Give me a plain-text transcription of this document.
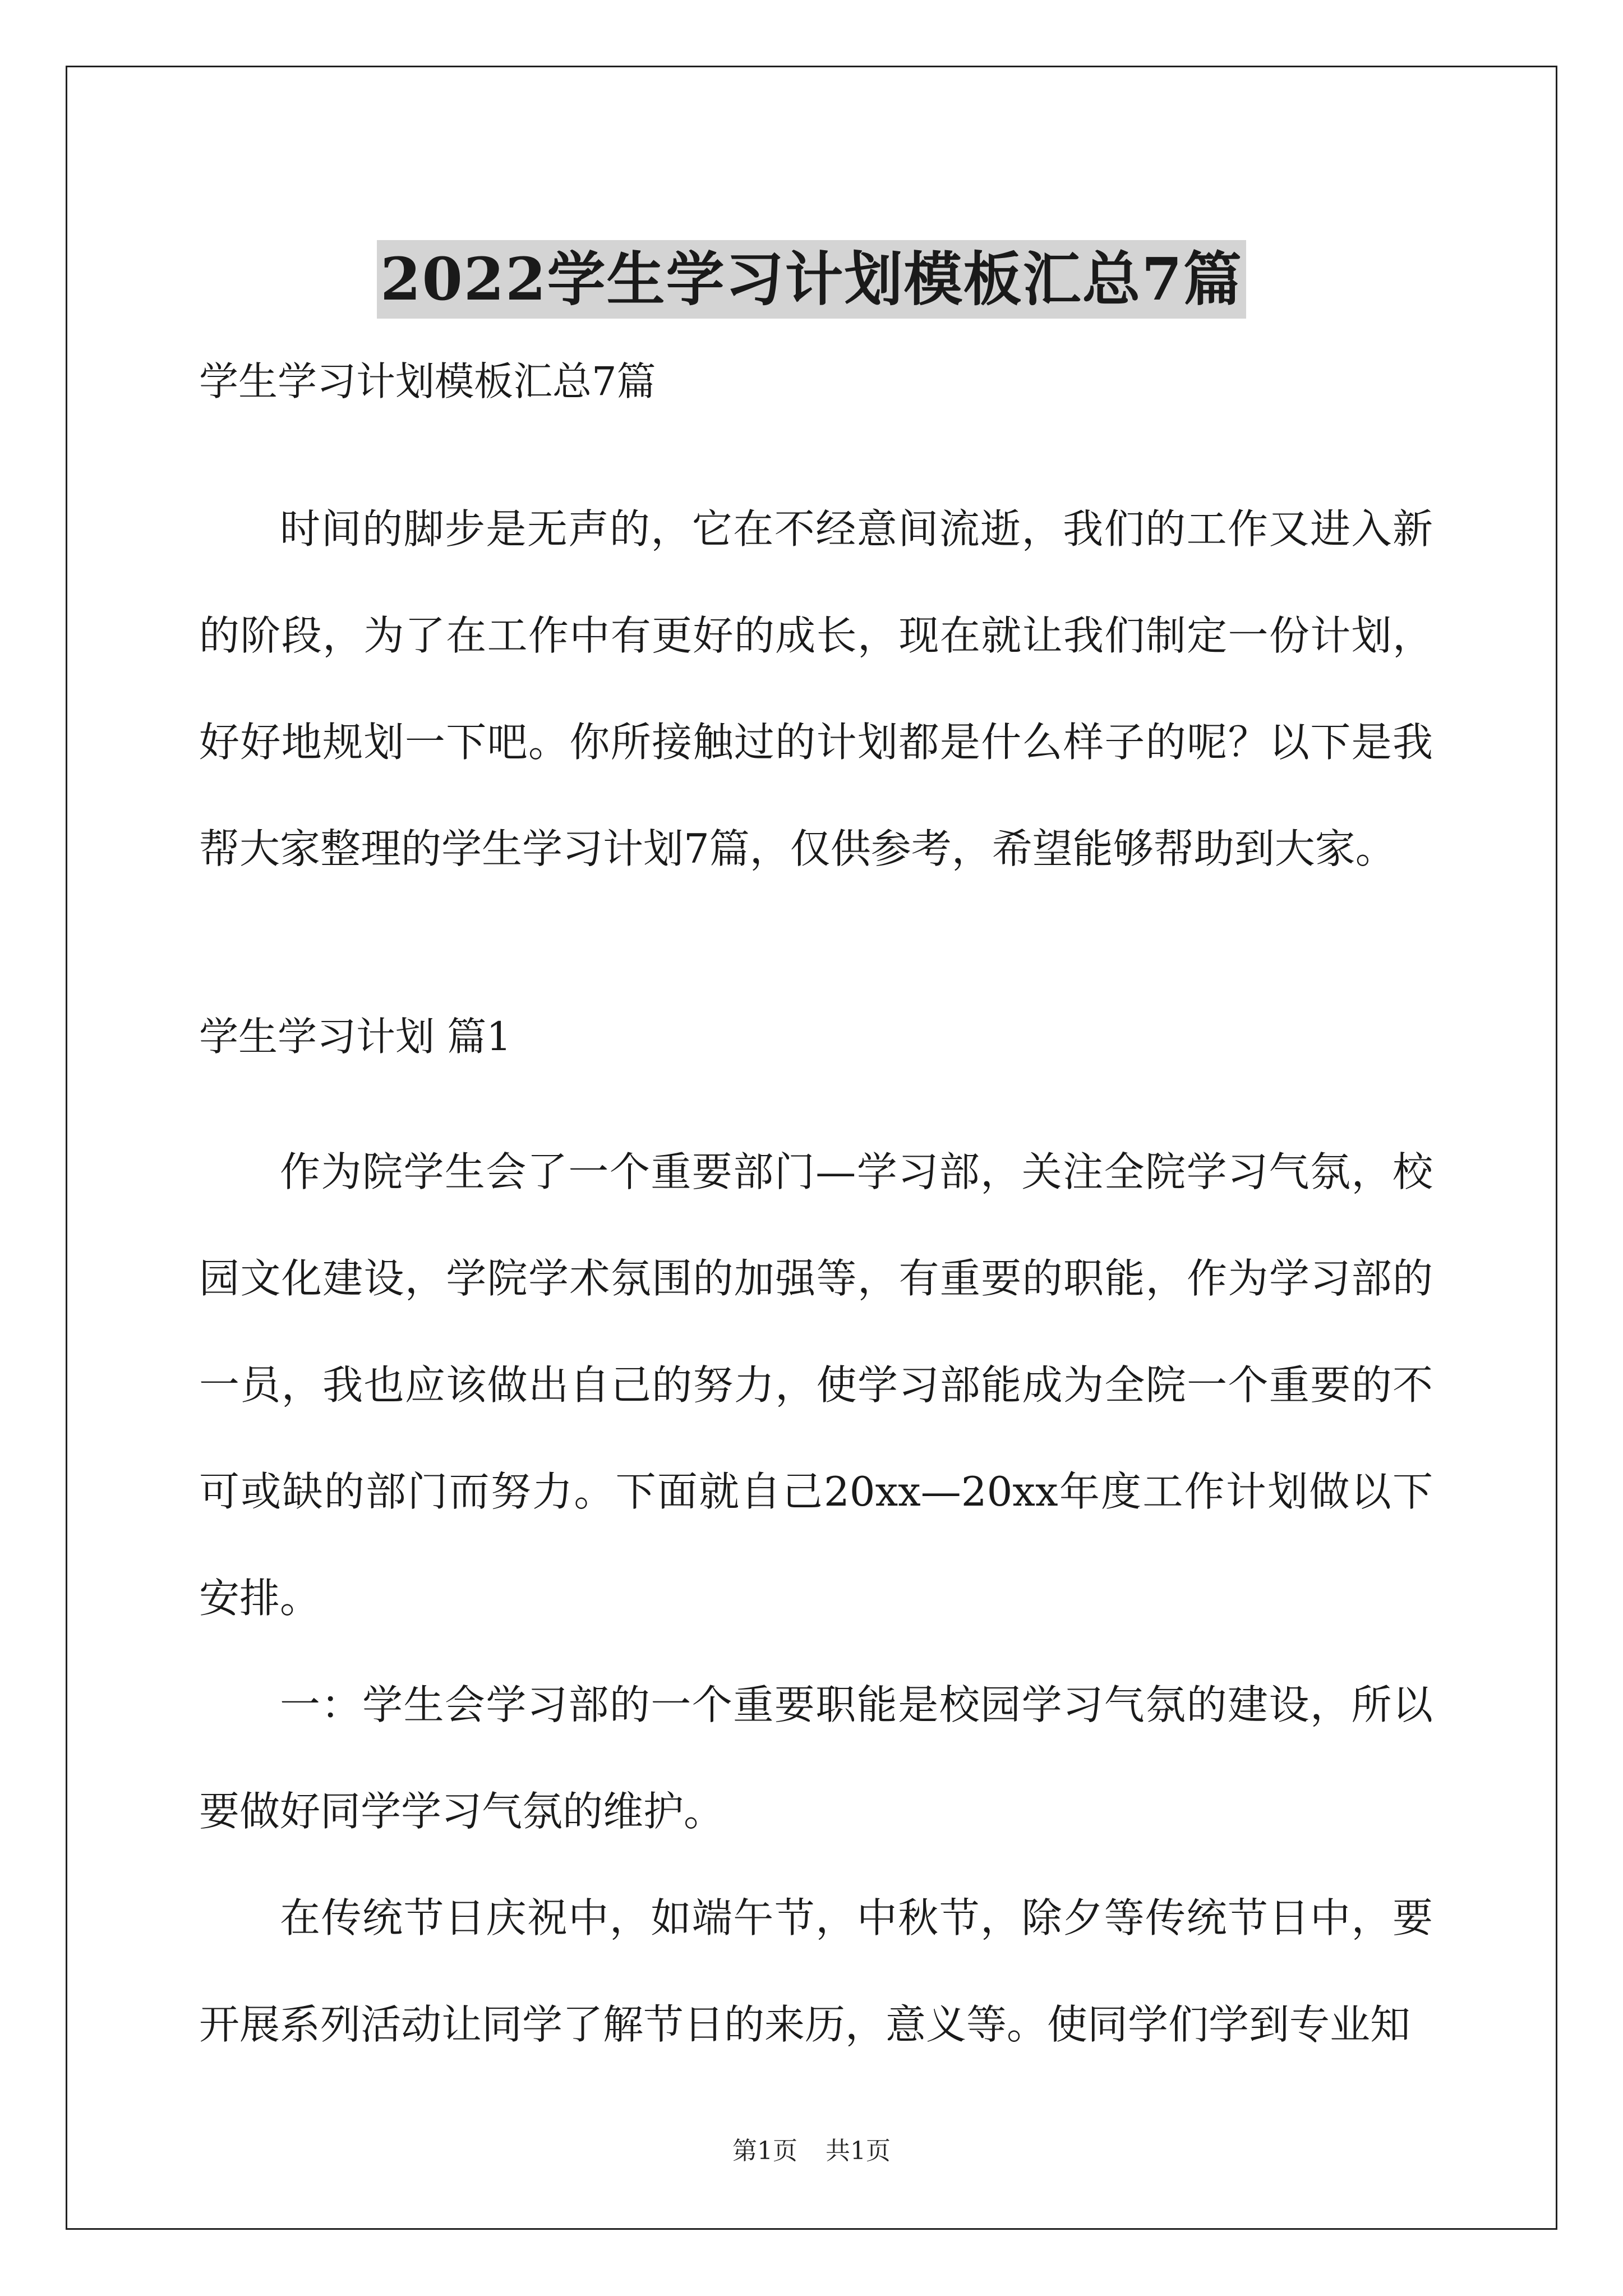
2022学生学习计划模板汇总7篇

学生学习计划模板汇总7篇

时间的脚步是无声的，它在不经意间流逝，我们的工作又进入新的阶段，为了在工作中有更好的成长，现在就让我们制定一份计划，好好地规划一下吧。你所接触过的计划都是什么样子的呢？以下是我帮大家整理的学生学习计划7篇，仅供参考，希望能够帮助到大家。

学生学习计划 篇1

作为院学生会了一个重要部门—学习部，关注全院学习气氛，校园文化建设，学院学术氛围的加强等，有重要的职能，作为学习部的一员，我也应该做出自己的努力，使学习部能成为全院一个重要的不可或缺的部门而努力。下面就自己20xx—20xx年度工作计划做以下安排。

一：学生会学习部的一个重要职能是校园学习气氛的建设，所以要做好同学学习气氛的维护。

在传统节日庆祝中，如端午节，中秋节，除夕等传统节日中，要开展系列活动让同学了解节日的来历，意义等。使同学们学到专业知

第1页 共1页
